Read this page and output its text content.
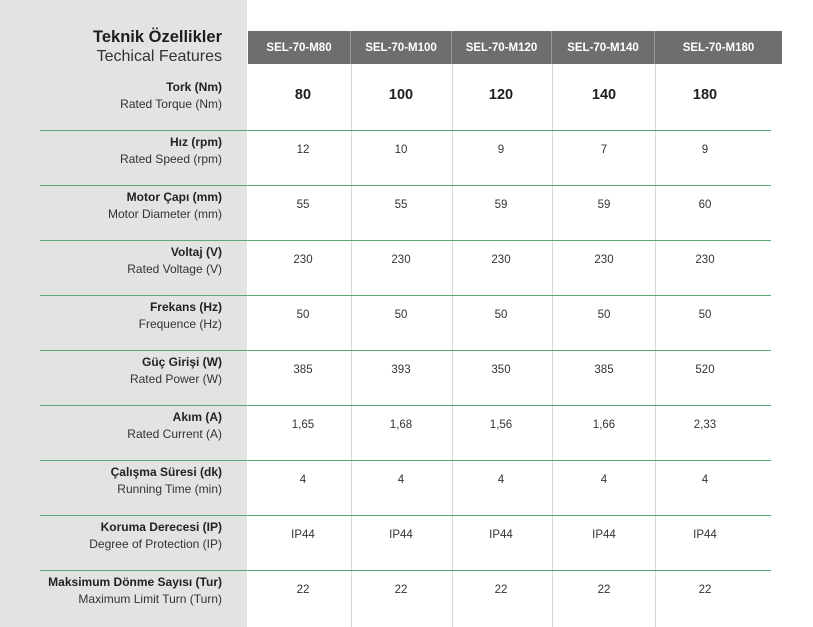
Teknik Özellikler
Techical Features
SEL-70-M80	SEL-70-M100	SEL-70-M120	SEL-70-M140	SEL-70-M180
Tork (Nm)
Rated Torque (Nm)
80	100	120	140	180
Hız (rpm)
Rated Speed (rpm)
12	10	9	7	9
Motor Çapı (mm)
Motor Diameter (mm)
55	55	59	59	60
Voltaj (V)
Rated Voltage (V)
230	230	230	230	230
Frekans (Hz)
Frequence (Hz)
50	50	50	50	50
Güç Girişi (W)
Rated Power (W)
385	393	350	385	520
Akım (A)
Rated Current (A)
1,65	1,68	1,56	1,66	2,33
Çalışma Süresi (dk)
Running Time (min)
4	4	4	4	4
Koruma Derecesi (IP)
Degree of Protection (IP)
IP44	IP44	IP44	IP44	IP44
Maksimum Dönme Sayısı (Tur)
Maximum Limit Turn (Turn)
22	22	22	22	22
